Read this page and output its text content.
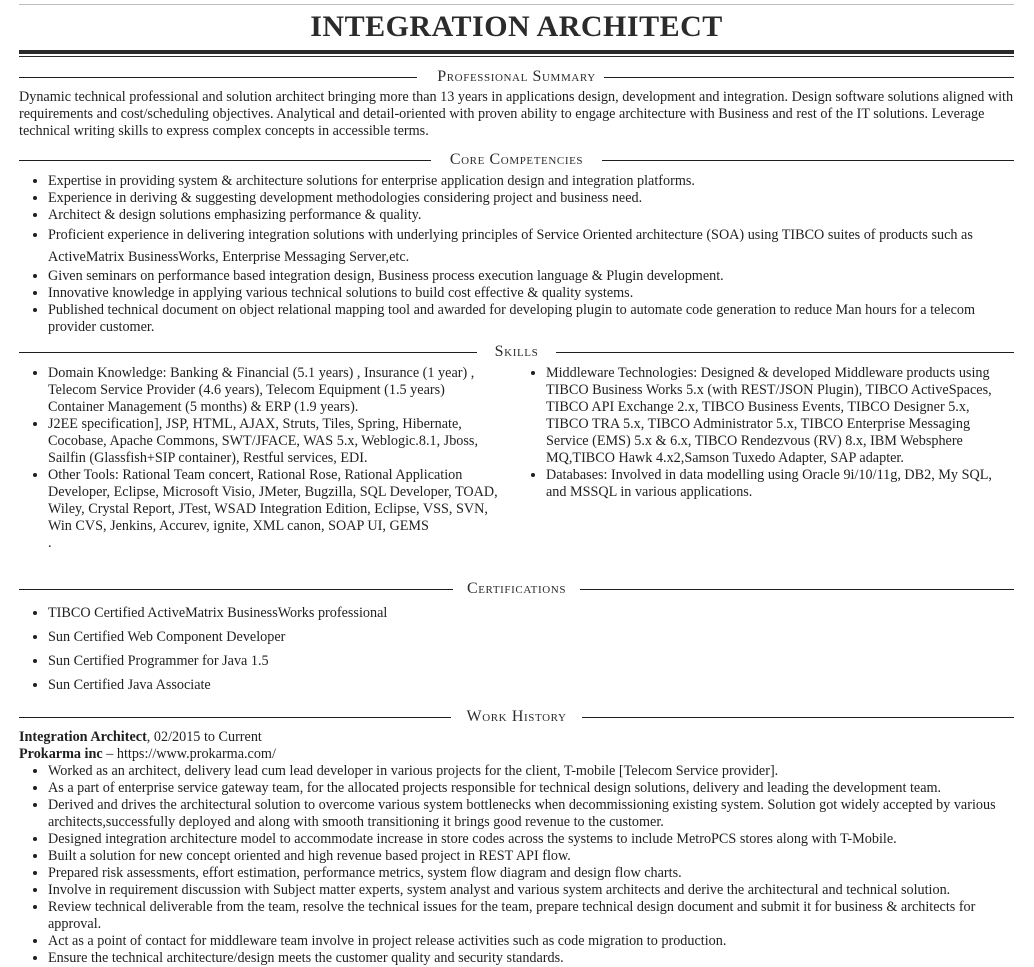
INTEGRATION ARCHITECT
Professional Summary

Dynamic technical professional and solution architect bringing more than 13 years in applications design, development and integration. Design software solutions aligned with requirements and cost/scheduling objectives. Analytical and detail-oriented with proven ability to engage architecture with Business and rest of the IT solutions. Leverage technical writing skills to express complex concepts in accessible terms.

Core Competencies
• Expertise in providing system & architecture solutions for enterprise application design and integration platforms.
• Experience in deriving & suggesting development methodologies considering project and business need.
• Architect & design solutions emphasizing performance & quality.
• Proficient experience in delivering integration solutions with underlying principles of Service Oriented architecture (SOA) using TIBCO suites of products such as ActiveMatrix BusinessWorks, Enterprise Messaging Server,etc.
• Given seminars on performance based integration design, Business process execution language & Plugin development.
• Innovative knowledge in applying various technical solutions to build cost effective & quality systems.
• Published technical document on object relational mapping tool and awarded for developing plugin to automate code generation to reduce Man hours for a telecom provider customer.
Skills
• Domain Knowledge: Banking & Financial (5.1 years) , Insurance (1 year) , Telecom Service Provider (4.6 years), Telecom Equipment (1.5 years) Container Management (5 months) & ERP (1.9 years).
• J2EE specification], JSP, HTML, AJAX, Struts, Tiles, Spring, Hibernate, Cocobase, Apache Commons, SWT/JFACE, WAS 5.x, Weblogic.8.1, Jboss, Sailfin (Glassfish+SIP container), Restful services, EDI.
• Other Tools: Rational Team concert, Rational Rose, Rational Application Developer, Eclipse, Microsoft Visio, JMeter, Bugzilla, SQL Developer, TOAD, Wiley, Crystal Report, JTest, WSAD Integration Edition, Eclipse, VSS, SVN, Win CVS, Jenkins, Accurev, ignite, XML canon, SOAP UI, GEMS
.
• Middleware Technologies: Designed & developed Middleware products using TIBCO Business Works 5.x (with REST/JSON Plugin), TIBCO ActiveSpaces, TIBCO API Exchange 2.x, TIBCO Business Events, TIBCO Designer 5.x, TIBCO TRA 5.x, TIBCO Administrator 5.x, TIBCO Enterprise Messaging Service (EMS) 5.x & 6.x, TIBCO Rendezvous (RV) 8.x, IBM Websphere MQ,TIBCO Hawk 4.x2,Samson Tuxedo Adapter, SAP adapter.
• Databases: Involved in data modelling using Oracle 9i/10/11g, DB2, My SQL, and MSSQL in various applications.
Certifications
• TIBCO Certified ActiveMatrix BusinessWorks professional
• Sun Certified Web Component Developer
• Sun Certified Programmer for Java 1.5
• Sun Certified Java Associate
Work History
Integration Architect, 02/2015 to Current
Prokarma inc – https://www.prokarma.com/
• Worked as an architect, delivery lead cum lead developer in various projects for the client, T-mobile [Telecom Service provider].
• As a part of enterprise service gateway team, for the allocated projects responsible for technical design solutions, delivery and leading the development team.
• Derived and drives the architectural solution to overcome various system bottlenecks when decommissioning existing system. Solution got widely accepted by various architects,successfully deployed and along with smooth transitioning it brings good revenue to the customer.
• Designed integration architecture model to accommodate increase in store codes across the systems to include MetroPCS stores along with T-Mobile.
• Built a solution for new concept oriented and high revenue based project in REST API flow.
• Prepared risk assessments, effort estimation, performance metrics, system flow diagram and design flow charts.
• Involve in requirement discussion with Subject matter experts, system analyst and various system architects and derive the architectural and technical solution.
• Review technical deliverable from the team, resolve the technical issues for the team, prepare technical design document and submit it for business & architects for approval.
• Act as a point of contact for middleware team involve in project release activities such as code migration to production.
• Ensure the technical architecture/design meets the customer quality and security standards.
